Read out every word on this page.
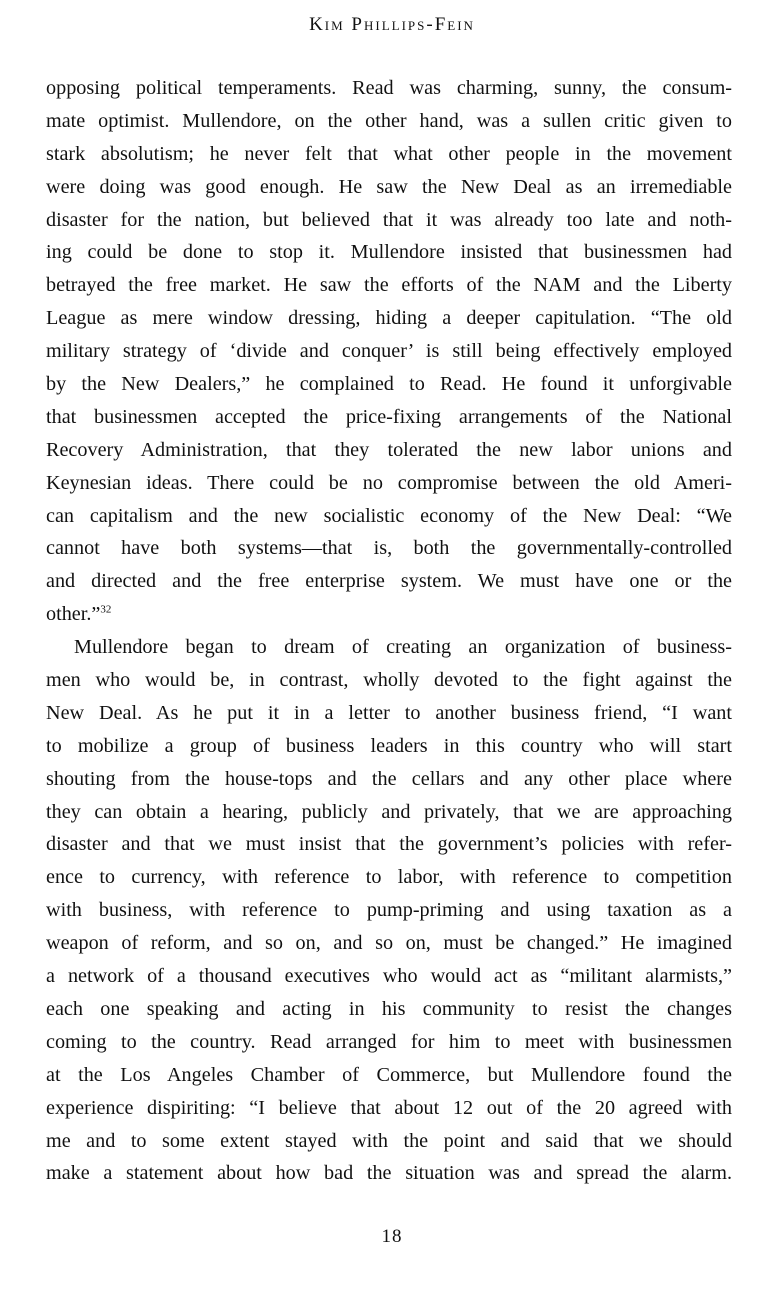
Kim Phillips-Fein
opposing political temperaments. Read was charming, sunny, the consum-
mate optimist. Mullendore, on the other hand, was a sullen critic given to
stark absolutism; he never felt that what other people in the movement
were doing was good enough. He saw the New Deal as an irremediable
disaster for the nation, but believed that it was already too late and noth-
ing could be done to stop it. Mullendore insisted that businessmen had
betrayed the free market. He saw the efforts of the NAM and the Liberty
League as mere window dressing, hiding a deeper capitulation. “The old
military strategy of ‘divide and conquer’ is still being effectively employed
by the New Dealers,” he complained to Read. He found it unforgivable
that businessmen accepted the price-fixing arrangements of the National
Recovery Administration, that they tolerated the new labor unions and
Keynesian ideas. There could be no compromise between the old Ameri-
can capitalism and the new socialistic economy of the New Deal: “We
cannot have both systems—that is, both the governmentally-controlled
and directed and the free enterprise system. We must have one or the
other.”$^{32}$
Mullendore began to dream of creating an organization of business-
men who would be, in contrast, wholly devoted to the fight against the
New Deal. As he put it in a letter to another business friend, “I want
to mobilize a group of business leaders in this country who will start
shouting from the house-tops and the cellars and any other place where
they can obtain a hearing, publicly and privately, that we are approaching
disaster and that we must insist that the government’s policies with refer-
ence to currency, with reference to labor, with reference to competition
with business, with reference to pump-priming and using taxation as a
weapon of reform, and so on, and so on, must be changed.” He imagined
a network of a thousand executives who would act as “militant alarmists,”
each one speaking and acting in his community to resist the changes
coming to the country. Read arranged for him to meet with businessmen
at the Los Angeles Chamber of Commerce, but Mullendore found the
experience dispiriting: “I believe that about 12 out of the 20 agreed with
me and to some extent stayed with the point and said that we should
make a statement about how bad the situation was and spread the alarm.
18
